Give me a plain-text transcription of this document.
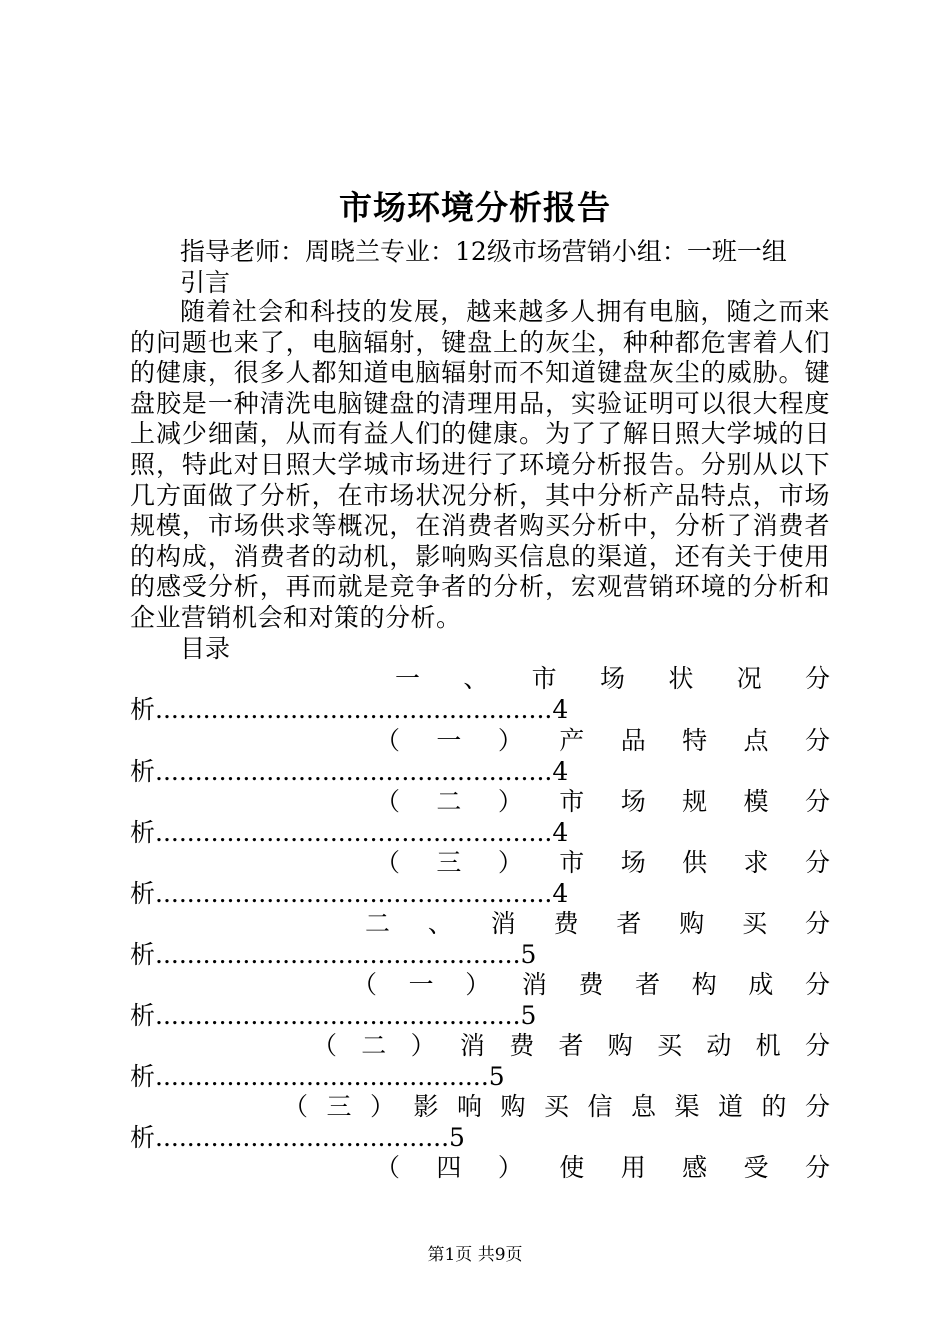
市场环境分析报告
指导老师：周晓兰专业：12级市场营销小组：一班一组
引言
随着社会和科技的发展，越来越多人拥有电脑，随之而来的问题也来了，电脑辐射，键盘上的灰尘，种种都危害着人们的健康，很多人都知道电脑辐射而不知道键盘灰尘的威胁。键盘胶是一种清洗电脑键盘的清理用品，实验证明可以很大程度上减少细菌，从而有益人们的健康。为了了解日照大学城的日照，特此对日照大学城市场进行了环境分析报告。分别从以下几方面做了分析，在市场状况分析，其中分析产品特点，市场规模，市场供求等概况，在消费者购买分析中，分析了消费者的构成，消费者的动机，影响购买信息的渠道，还有关于使用的感受分析，再而就是竞争者的分析，宏观营销环境的分析和企业营销机会和对策的分析。
目录
一、市场状况分
析..................................................4
（一）产品特点分
析..................................................4
（二）市场规模分
析..................................................4
（三）市场供求分
析..................................................4
二、消费者购买分
析..............................................5
（一）消费者构成分
析..............................................5
（二）消费者购买动机分
析..........................................5
（三）影响购买信息渠道的分
析.....................................5
（四）使用感受分
第1页 共9页
